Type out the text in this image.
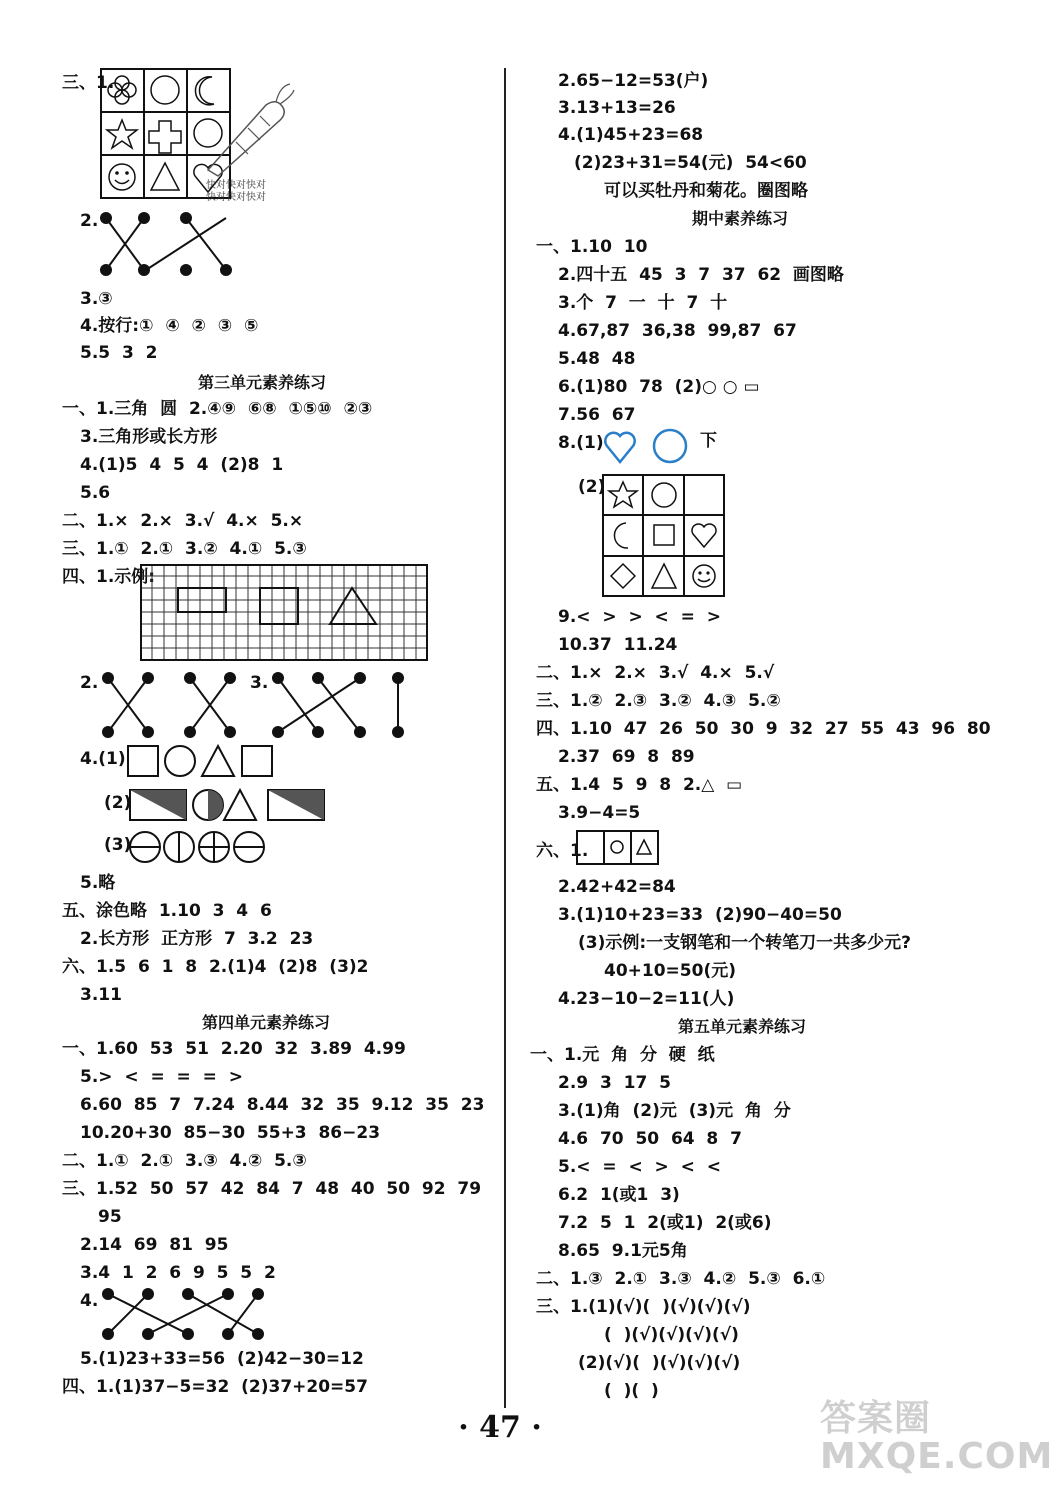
三、1.
快对快对快对
快对快对快对
2.
3.③
4.按行:①  ④  ②  ③  ⑤
5.5  3  2
第三单元素养练习
一、1.三角  圆  2.④⑨  ⑥⑧  ①⑤⑩  ②③
3.三角形或长方形
4.(1)5  4  5  4  (2)8  1
5.6
二、1.×  2.×  3.√  4.×  5.×
三、1.①  2.①  3.②  4.①  5.③
四、1.示例:
2.	3.
4.(1)
(2)
(3)
5.略
五、涂色略  1.10  3  4  6
2.长方形  正方形  7  3.2  23
六、1.5  6  1  8  2.(1)4  (2)8  (3)2
3.11
第四单元素养练习
一、1.60  53  51  2.20  32  3.89  4.99
5.>  <  =  =  =  >
6.60  85  7  7.24  8.44  32  35  9.12  35  23
10.20+30  85−30  55+3  86−23
二、1.①  2.①  3.③  4.②  5.③
三、1.52  50  57  42  84  7  48  40  50  92  79
95
2.14  69  81  95
3.4  1  2  6  9  5  5  2
4.
5.(1)23+33=56  (2)42−30=12
四、1.(1)37−5=32  (2)37+20=57
2.65−12=53(户)
3.13+13=26
4.(1)45+23=68
(2)23+31=54(元)  54<60
可以买牡丹和菊花。圈图略
期中素养练习
一、1.10  10
2.四十五  45  3  7  37  62  画图略
3.个  7  一  十  7  十
4.67,87  36,38  99,87  67
5.48  48
6.(1)80  78  (2)○ ○ ▭
7.56  67
8.(1)	下
(2)
9.<  >  >  <  =  >
10.37  11.24
二、1.×  2.×  3.√  4.×  5.√
三、1.②  2.③  3.②  4.③  5.②
四、1.10  47  26  50  30  9  32  27  55  43  96  80
2.37  69  8  89
五、1.4  5  9  8  2.△  ▭
3.9−4=5
六、1.
2.42+42=84
3.(1)10+23=33  (2)90−40=50
(3)示例:一支钢笔和一个转笔刀一共多少元?
40+10=50(元)
4.23−10−2=11(人)
第五单元素养练习
一、1.元  角  分  硬  纸
2.9  3  17  5
3.(1)角  (2)元  (3)元  角  分
4.6  70  50  64  8  7
5.<  =  <  >  <  <
6.2  1(或1  3)
7.2  5  1  2(或1)  2(或6)
8.65  9.1元5角
二、1.③  2.①  3.③  4.②  5.③  6.①
三、1.(1)(√)(  )(√)(√)(√)
(  )(√)(√)(√)(√)
(2)(√)(  )(√)(√)(√)
(  )(  )
· 47 ·	答案圈 MXQE.COM
